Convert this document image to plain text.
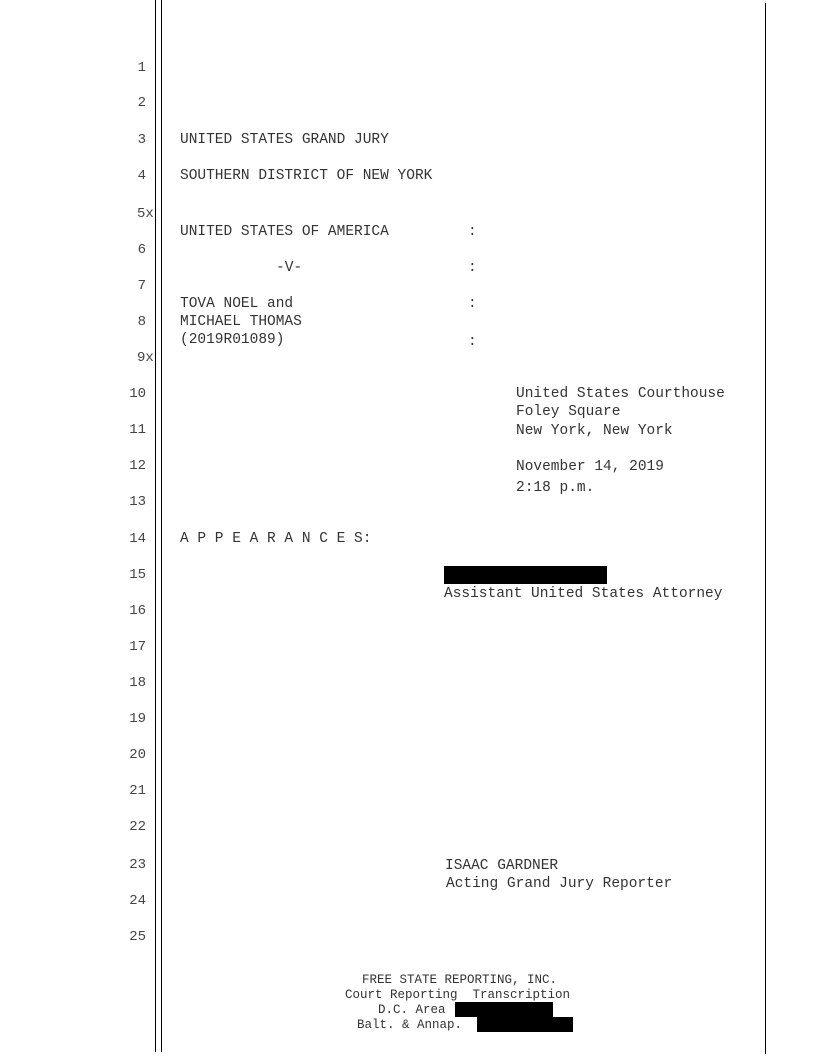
1
2
3
4
5x
6
7
8
9x
10
11
12
13
14
15
16
17
18
19
20
21
22
23
24
25
UNITED STATES GRAND JURY
SOUTHERN DISTRICT OF NEW YORK
UNITED STATES OF AMERICA	:
-V-	:
TOVA NOEL and	:
MICHAEL THOMAS
(2019R01089)	:
United States Courthouse
Foley Square
New York, New York
November 14, 2019
2:18 p.m.
A P P E A R A N C E S:
Assistant United States Attorney
ISAAC GARDNER
Acting Grand Jury Reporter
FREE STATE REPORTING, INC.
Court Reporting  Transcription
D.C. Area
Balt. & Annap.
